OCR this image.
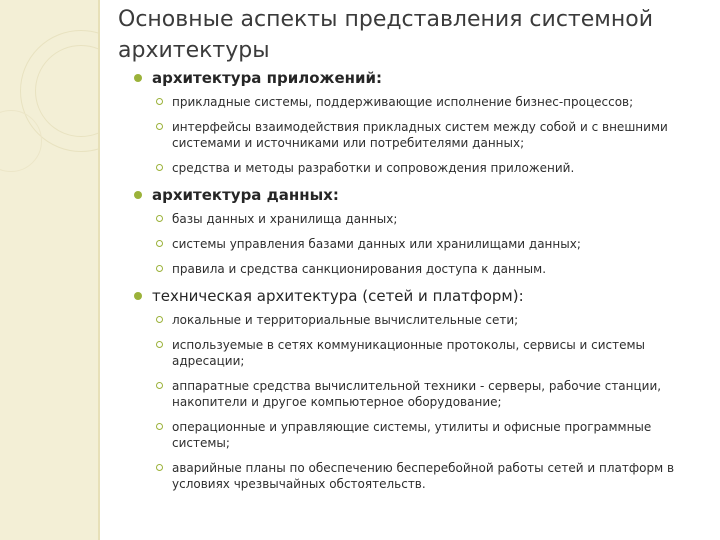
Основные аспекты представления системной архитектуры
архитектура приложений:
прикладные системы, поддерживающие исполнение бизнес-процессов;
интерфейсы взаимодействия прикладных систем между собой и с внешними системами и источниками или потребителями данных;
средства и методы разработки и сопровождения приложений.
архитектура данных:
базы данных и хранилища данных;
системы управления базами данных или хранилищами данных;
правила и средства санкционирования доступа к данным.
техническая архитектура (сетей и платформ):
локальные и территориальные вычислительные сети;
используемые в сетях коммуникационные протоколы, сервисы и системы адресации;
аппаратные средства вычислительной техники - серверы, рабочие станции, накопители и другое компьютерное оборудование;
операционные и управляющие системы, утилиты и офисные программные системы;
аварийные планы по обеспечению бесперебойной работы сетей и платформ в условиях чрезвычайных обстоятельств.
